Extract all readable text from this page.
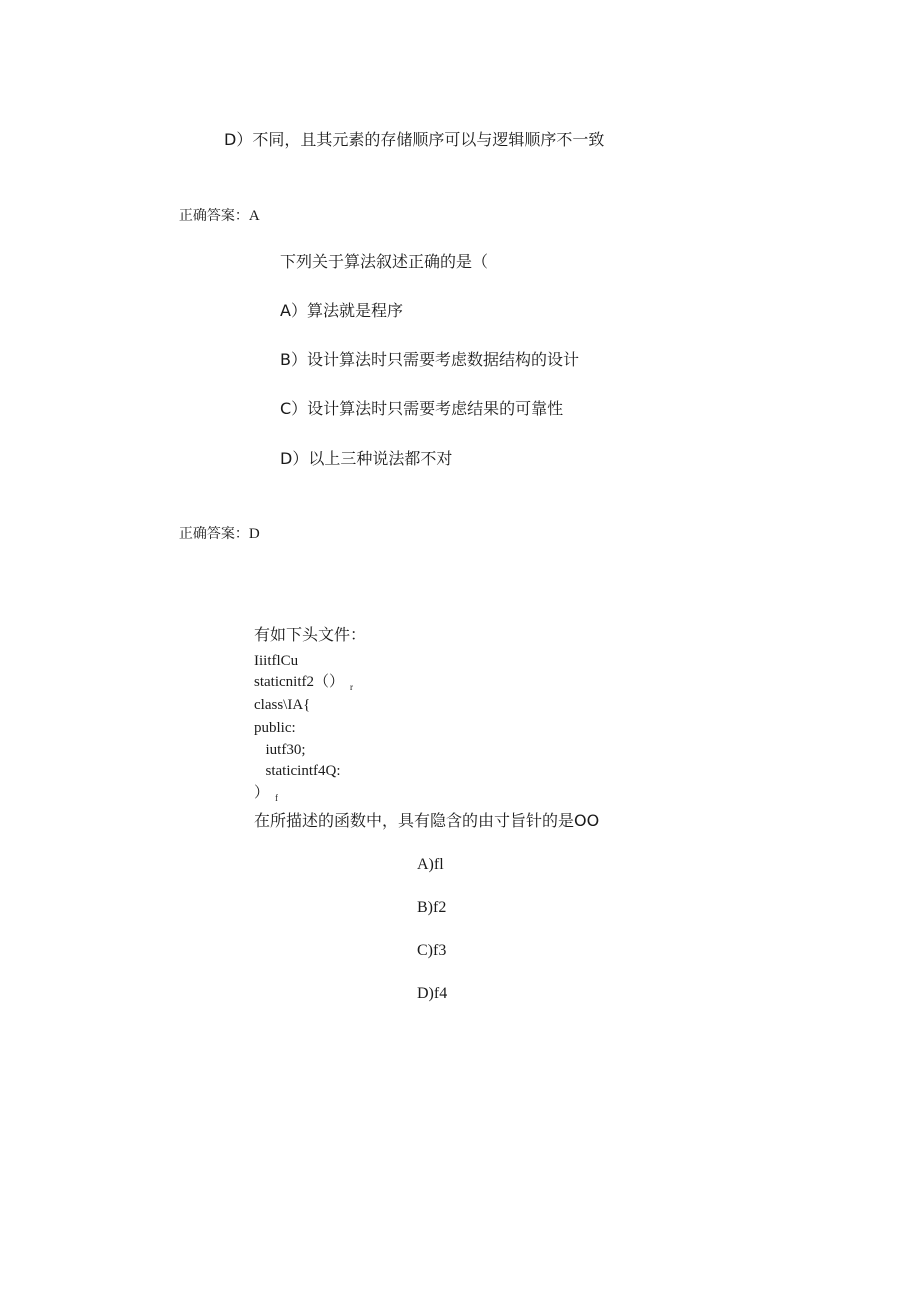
D）不同，且其元素的存储顺序可以与逻辑顺序不一致

正确答案：A

下列关于算法叙述正确的是（
A）算法就是程序
B）设计算法时只需要考虑数据结构的设计
C）设计算法时只需要考虑结果的可靠性
D）以上三种说法都不对

正确答案：D

有如下头文件：
IiitflCu
staticnitf2（） $_r$
class\IA{
public:
iutf30;
staticintf4Q:
） $_f$
在所描述的函数中，具有隐含的由寸旨针的是OO
A)fl
B)f2
C)f3
D)f4
